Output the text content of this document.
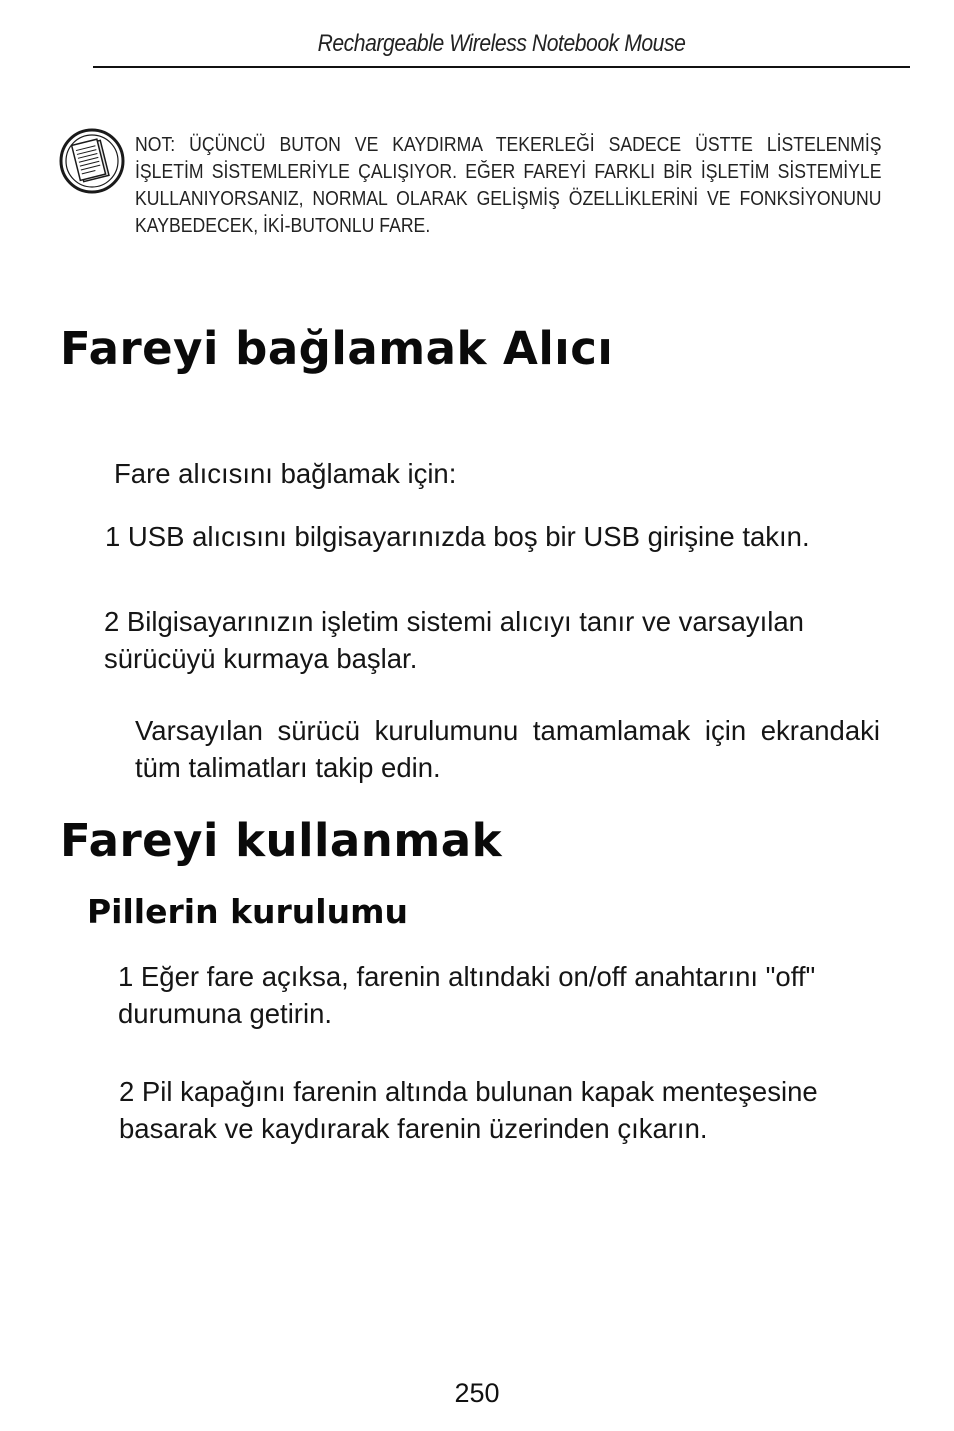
Rechargeable Wireless Notebook Mouse
NOT: ÜÇÜNCÜ BUTON VE KAYDIRMA TEKERLEĞİ SADECE ÜSTTE LİSTELENMİŞ İŞLETİM SİSTEMLERİYLE ÇALIŞIYOR. EĞER FAREYİ FARKLI BİR İŞLETİM SİSTEMİYLE KULLANIYORSANIZ, NORMAL OLARAK GELİŞMİŞ ÖZELLİKLERİNİ VE FONKSİYONUNU KAYBEDECEK, İKİ-BUTONLU FARE.
Fareyi bağlamak Alıcı

Fare alıcısını bağlamak için:

1 USB alıcısını bilgisayarınızda boş bir USB girişine takın.

2 Bilgisayarınızın işletim sistemi alıcıyı tanır ve varsayılan sürücüyü kurmaya başlar.

Varsayılan sürücü kurulumunu tamamlamak için ekrandaki tüm talimatları takip edin.

Fareyi kullanmak
Pillerin kurulumu

1 Eğer fare açıksa, farenin altındaki on/off anahtarını "off" durumuna getirin.

2 Pil kapağını farenin altında bulunan kapak menteşesine basarak ve kaydırarak farenin üzerinden çıkarın.

250
